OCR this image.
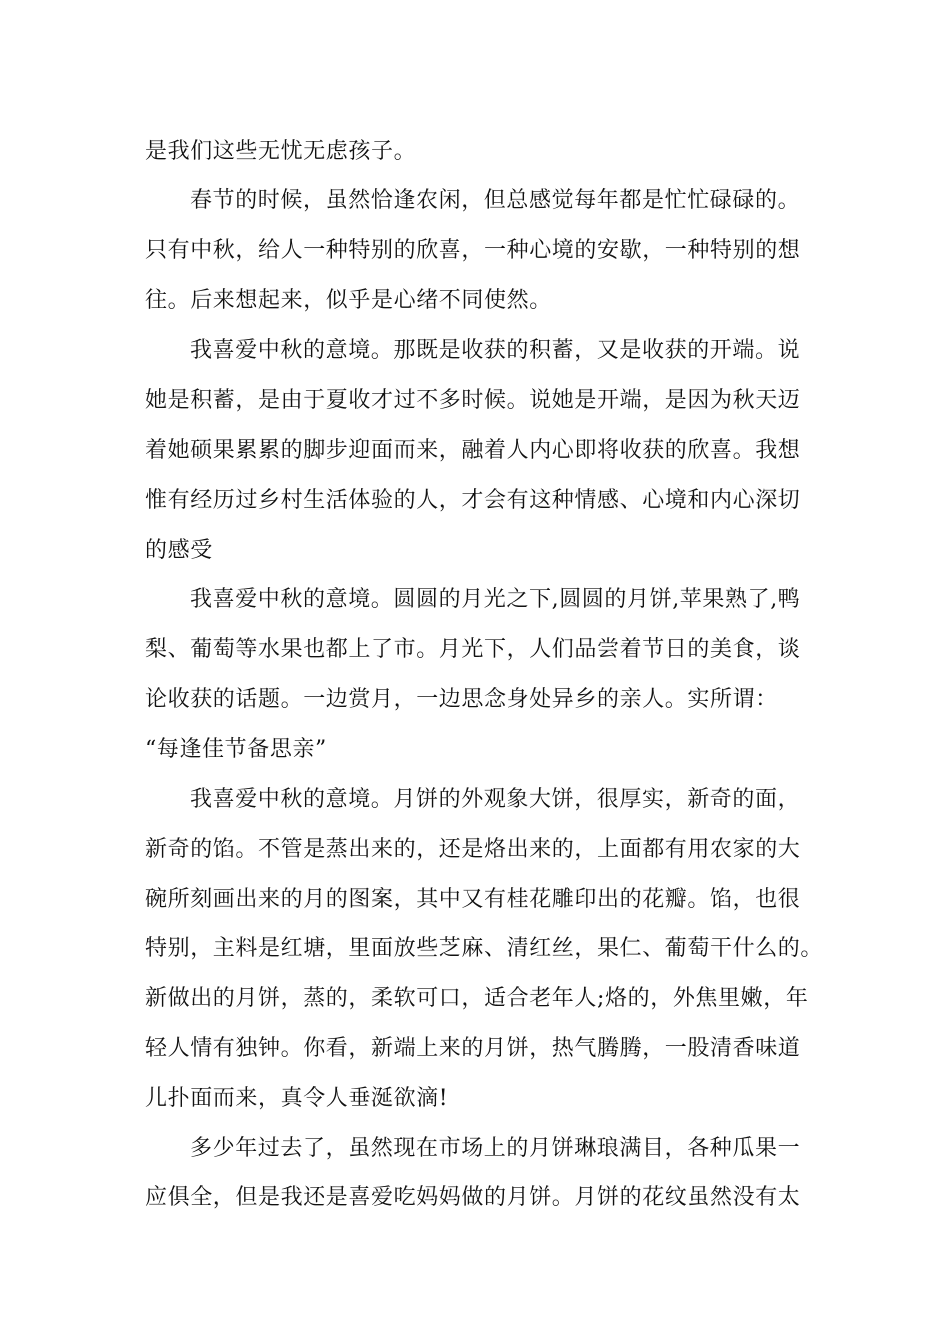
是我们这些无忧无虑孩子。
春节的时候，虽然恰逢农闲，但总感觉每年都是忙忙碌碌的。
只有中秋，给人一种特别的欣喜，一种心境的安歇，一种特别的想
往。后来想起来，似乎是心绪不同使然。
我喜爱中秋的意境。那既是收获的积蓄，又是收获的开端。说
她是积蓄，是由于夏收才过不多时候。说她是开端，是因为秋天迈
着她硕果累累的脚步迎面而来，融着人内心即将收获的欣喜。我想
惟有经历过乡村生活体验的人，才会有这种情感、心境和内心深切
的感受
我喜爱中秋的意境。圆圆的月光之下,圆圆的月饼,苹果熟了,鸭
梨、葡萄等水果也都上了市。月光下，人们品尝着节日的美食，谈
论收获的话题。一边赏月，一边思念身处异乡的亲人。实所谓：
“每逢佳节备思亲”
我喜爱中秋的意境。月饼的外观象大饼，很厚实，新奇的面，
新奇的馅。不管是蒸出来的，还是烙出来的，上面都有用农家的大
碗所刻画出来的月的图案，其中又有桂花雕印出的花瓣。馅，也很
特别，主料是红塘，里面放些芝麻、清红丝，果仁、葡萄干什么的。
新做出的月饼，蒸的，柔软可口，适合老年人;烙的，外焦里嫩，年
轻人情有独钟。你看，新端上来的月饼，热气腾腾，一股清香味道
儿扑面而来，真令人垂涎欲滴!
多少年过去了，虽然现在市场上的月饼琳琅满目，各种瓜果一
应俱全，但是我还是喜爱吃妈妈做的月饼。月饼的花纹虽然没有太
